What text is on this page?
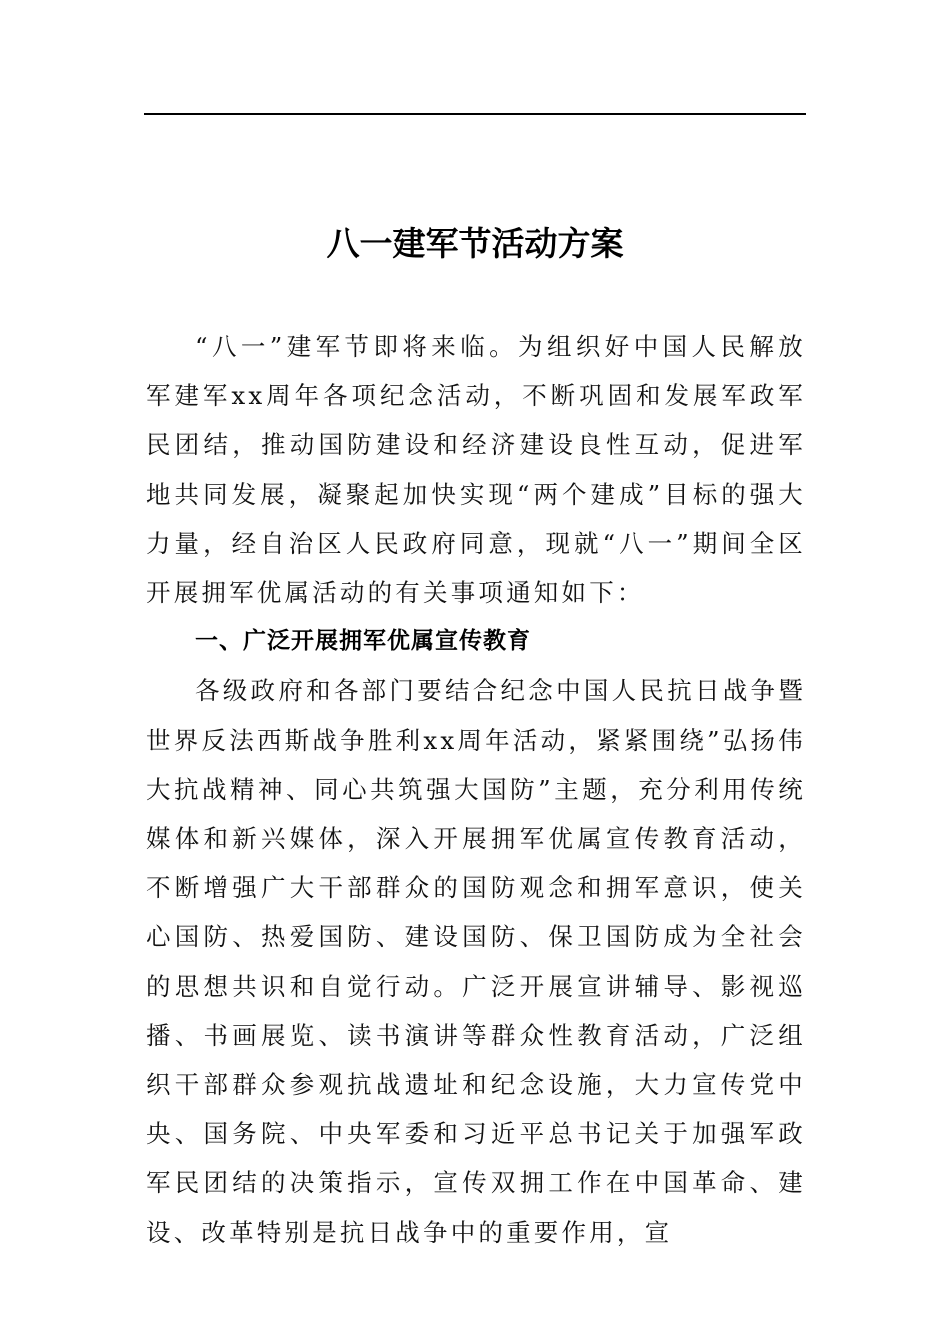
八一建军节活动方案

“八一”建军节即将来临。为组织好中国人民解放军建军xx周年各项纪念活动，不断巩固和发展军政军民团结，推动国防建设和经济建设良性互动，促进军地共同发展，凝聚起加快实现“两个建成”目标的强大力量，经自治区人民政府同意，现就“八一”期间全区开展拥军优属活动的有关事项通知如下：

一、广泛开展拥军优属宣传教育

各级政府和各部门要结合纪念中国人民抗日战争暨世界反法西斯战争胜利xx周年活动，紧紧围绕”弘扬伟大抗战精神、同心共筑强大国防”主题，充分利用传统媒体和新兴媒体，深入开展拥军优属宣传教育活动，不断增强广大干部群众的国防观念和拥军意识，使关心国防、热爱国防、建设国防、保卫国防成为全社会的思想共识和自觉行动。广泛开展宣讲辅导、影视巡播、书画展览、读书演讲等群众性教育活动，广泛组织干部群众参观抗战遗址和纪念设施，大力宣传党中央、国务院、中央军委和习近平总书记关于加强军政军民团结的决策指示，宣传双拥工作在中国革命、建设、改革特别是抗日战争中的重要作用，宣
